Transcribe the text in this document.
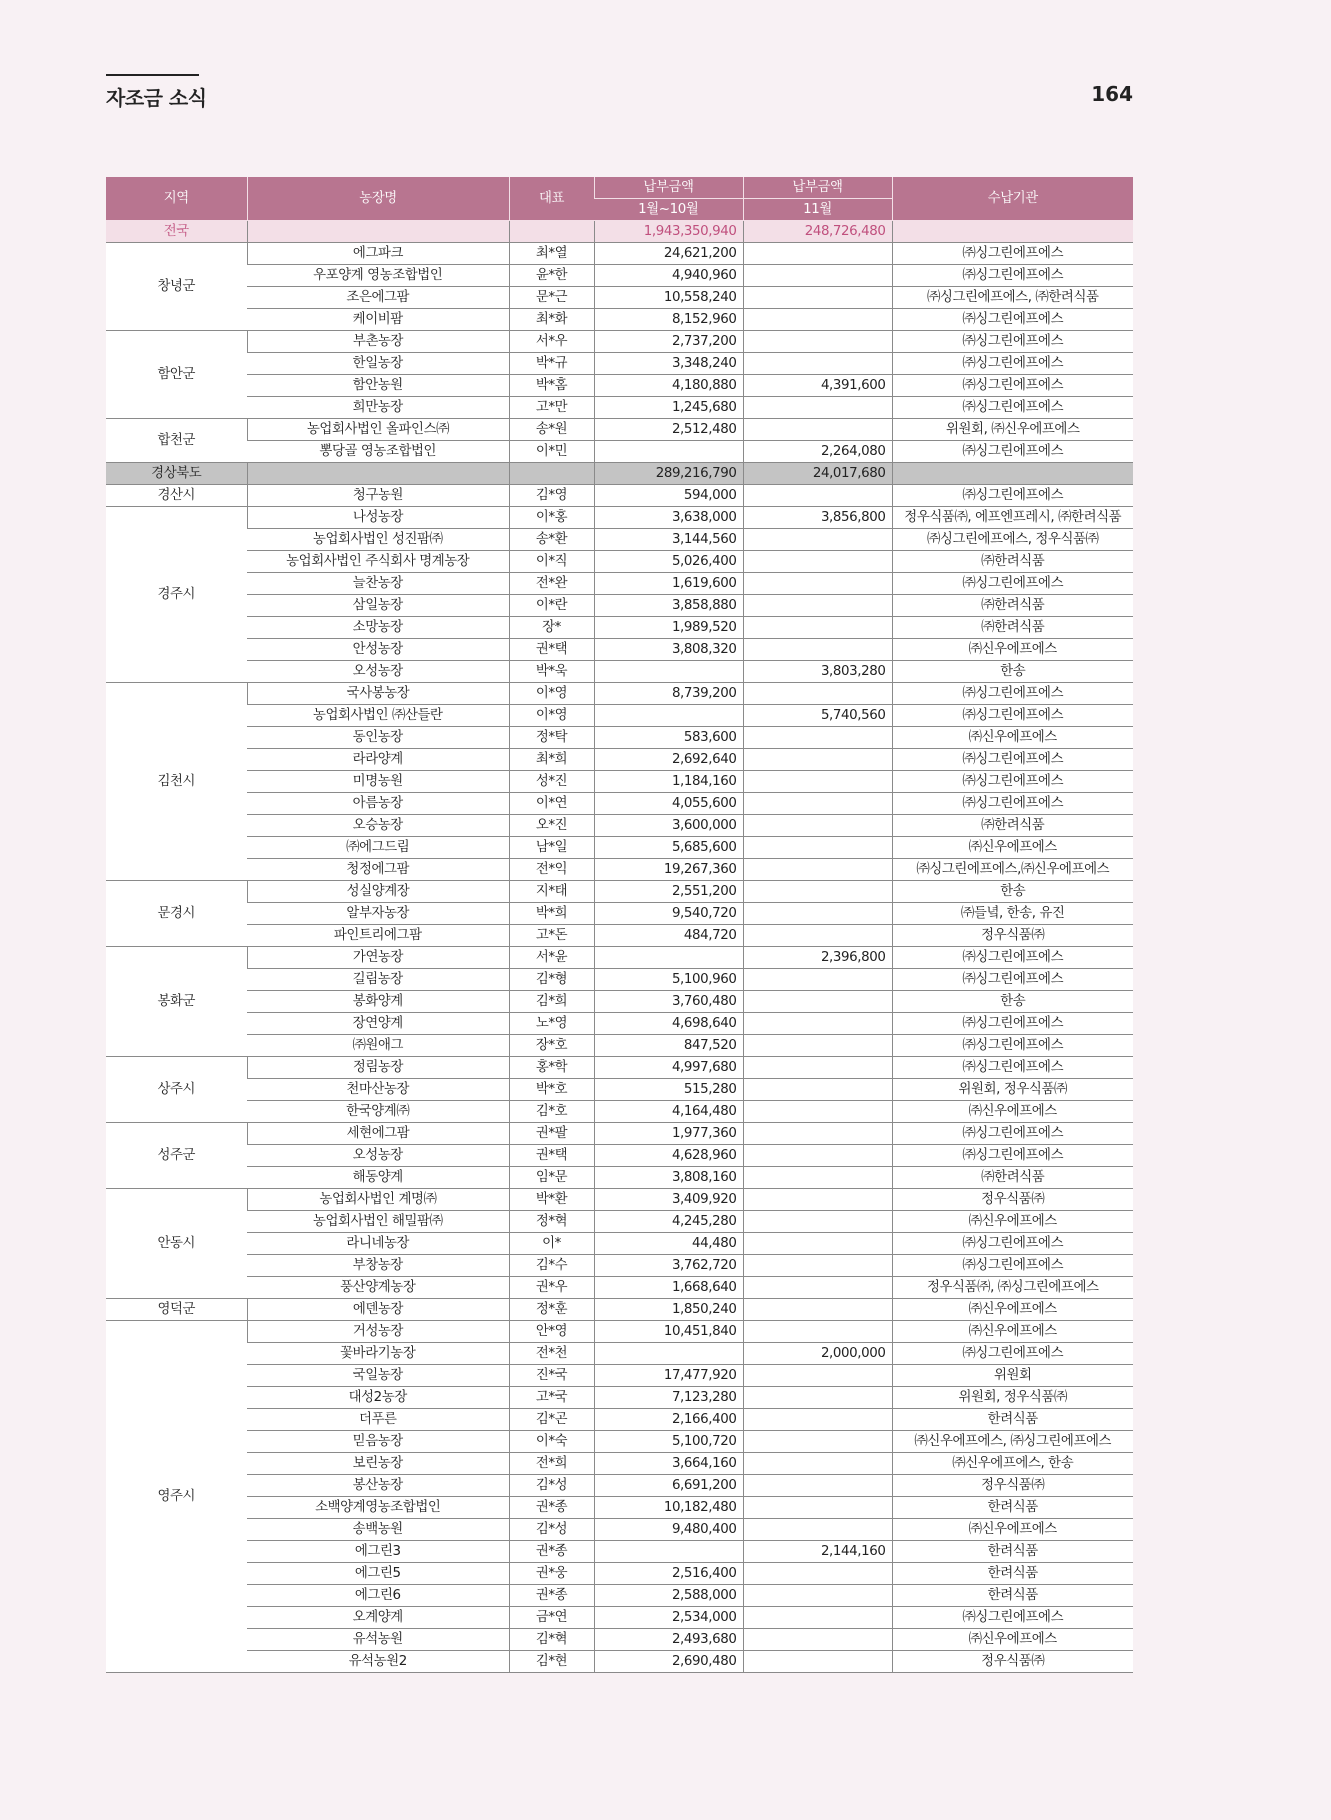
자조금 소식	164
지역	농장명	대표	납부금액	납부금액	수납기관
			1월~10월	11월	
전국			1,943,350,940	248,726,480	
창녕군	에그파크	최*열	24,621,200		㈜싱그린에프에스
	우포양계 영농조합법인	윤*한	4,940,960		㈜싱그린에프에스
	조은에그팜	문*근	10,558,240		㈜싱그린에프에스, ㈜한려식품
	케이비팜	최*화	8,152,960		㈜싱그린에프에스
함안군	부촌농장	서*우	2,737,200		㈜싱그린에프에스
	한일농장	박*규	3,348,240		㈜싱그린에프에스
	함안농원	박*홈	4,180,880	4,391,600	㈜싱그린에프에스
	희만농장	고*만	1,245,680		㈜싱그린에프에스
합천군	농업회사법인 올파인스㈜	송*원	2,512,480		위원회, ㈜신우에프에스
	뽕당골 영농조합법인	이*민		2,264,080	㈜싱그린에프에스
경상북도			289,216,790	24,017,680	
경산시	청구농원	김*영	594,000		㈜싱그린에프에스
경주시	나성농장	이*홍	3,638,000	3,856,800	정우식품㈜, 에프엔프레시, ㈜한려식품
	농업회사법인 성진팜㈜	송*환	3,144,560		㈜싱그린에프에스, 정우식품㈜
	농업회사법인 주식회사 명계농장	이*직	5,026,400		㈜한려식품
	늘찬농장	전*완	1,619,600		㈜싱그린에프에스
	삼일농장	이*란	3,858,880		㈜한려식품
	소망농장	장*	1,989,520		㈜한려식품
	안성농장	권*택	3,808,320		㈜신우에프에스
	오성농장	박*욱		3,803,280	한송
김천시	국사봉농장	이*영	8,739,200		㈜싱그린에프에스
	농업회사법인 ㈜산들란	이*영		5,740,560	㈜싱그린에프에스
	동인농장	정*탁	583,600		㈜신우에프에스
	라라양계	최*희	2,692,640		㈜싱그린에프에스
	미명농원	성*진	1,184,160		㈜싱그린에프에스
	아름농장	이*연	4,055,600		㈜싱그린에프에스
	오승농장	오*진	3,600,000		㈜한려식품
	㈜에그드림	남*일	5,685,600		㈜신우에프에스
	청정에그팜	전*익	19,267,360		㈜싱그린에프에스,㈜신우에프에스
문경시	성실양계장	지*태	2,551,200		한송
	알부자농장	박*희	9,540,720		㈜들녘, 한송, 유진
	파인트리에그팜	고*돈	484,720		정우식품㈜
봉화군	가연농장	서*윤		2,396,800	㈜싱그린에프에스
	길림농장	김*형	5,100,960		㈜싱그린에프에스
	봉화양계	김*희	3,760,480		한송
	장연양계	노*영	4,698,640		㈜싱그린에프에스
	㈜원애그	장*호	847,520		㈜싱그린에프에스
상주시	정림농장	홍*학	4,997,680		㈜싱그린에프에스
	천마산농장	박*호	515,280		위원회, 정우식품㈜
	한국양계㈜	김*호	4,164,480		㈜신우에프에스
성주군	세현에그팜	권*팔	1,977,360		㈜싱그린에프에스
	오성농장	권*택	4,628,960		㈜싱그린에프에스
	해동양계	임*문	3,808,160		㈜한려식품
안동시	농업회사법인 계명㈜	박*환	3,409,920		정우식품㈜
	농업회사법인 해밀팜㈜	정*혁	4,245,280		㈜신우에프에스
	라니네농장	이*	44,480		㈜싱그린에프에스
	부창농장	김*수	3,762,720		㈜싱그린에프에스
	풍산양계농장	권*우	1,668,640		정우식품㈜, ㈜싱그린에프에스
영덕군	에덴농장	정*훈	1,850,240		㈜신우에프에스
영주시	거성농장	안*영	10,451,840		㈜신우에프에스
	꽃바라기농장	전*천		2,000,000	㈜싱그린에프에스
	국일농장	진*국	17,477,920		위원회
	대성2농장	고*국	7,123,280		위원회, 정우식품㈜
	더푸른	김*곤	2,166,400		한려식품
	믿음농장	이*숙	5,100,720		㈜신우에프에스, ㈜싱그린에프에스
	보린농장	전*희	3,664,160		㈜신우에프에스, 한송
	봉산농장	김*성	6,691,200		정우식품㈜
	소백양계영농조합법인	권*종	10,182,480		한려식품
	송백농원	김*성	9,480,400		㈜신우에프에스
	에그린3	권*종		2,144,160	한려식품
	에그린5	권*웅	2,516,400		한려식품
	에그린6	권*종	2,588,000		한려식품
	오계양계	금*연	2,534,000		㈜싱그린에프에스
	유석농원	김*혁	2,493,680		㈜신우에프에스
	유석농원2	김*현	2,690,480		정우식품㈜
